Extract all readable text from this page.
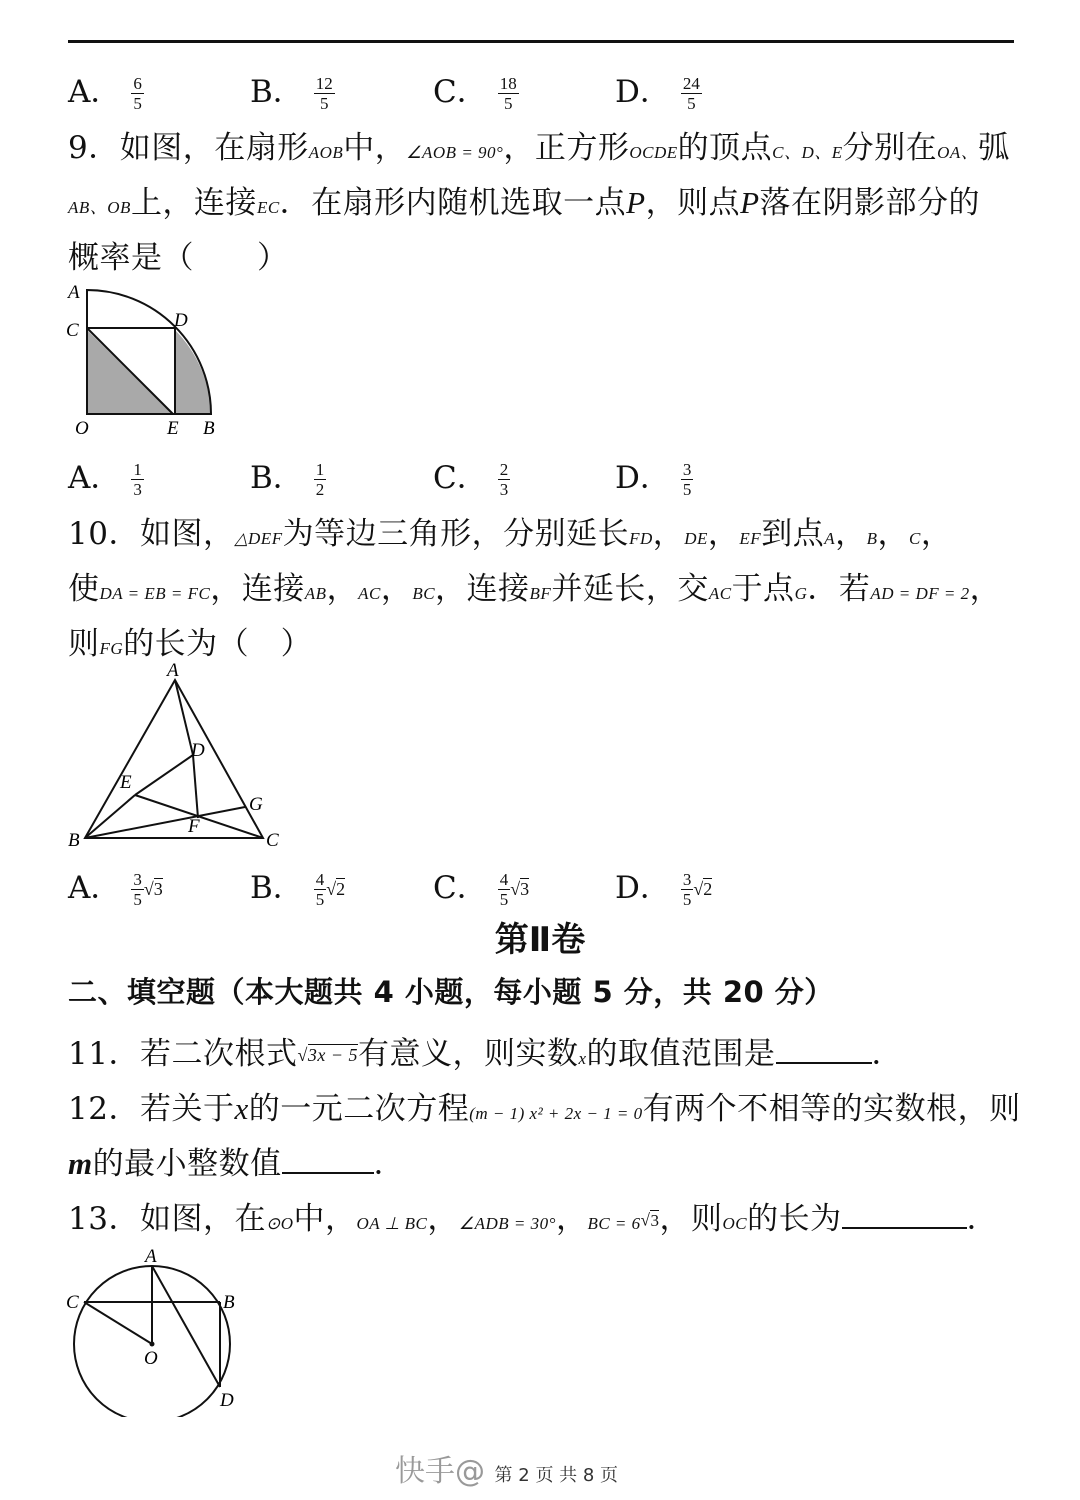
A． $\frac{6}{5}$	B． $\frac{12}{5}$	C． $\frac{18}{5}$	D． $\frac{24}{5}$
9．如图，在扇形AOB中，∠AOB = 90°，正方形OCDE的顶点C、D、E分别在OA、弧
AB、OB上，连接EC．在扇形内随机选取一点P，则点P落在阴影部分的
概率是（　　）
A
C	D
O	E B
A． $\frac{1}{3}$	B． $\frac{1}{2}$	C． $\frac{2}{3}$	D． $\frac{3}{5}$
10．如图，△DEF为等边三角形，分别延长FD，DE，EF到点A，B，C，
使DA = EB = FC，连接AB，AC，BC，连接BF并延长，交AC于点G．若AD = DF = 2，
则FG的长为（　）
A
D
E
G
F
B	C
A． $\frac{3}{5} √3$	B． $\frac{4}{5} √2$	C． $\frac{4}{5} √3$	D． $\frac{3}{5} √2$
第Ⅱ卷
二、填空题（本大题共 4 小题，每小题 5 分，共 20 分）
11．若二次根式√3x − 5有意义，则实数x的取值范围是	．
12．若关于x的一元二次方程(m − 1) x² + 2x − 1 = 0有两个不相等的实数根，则
m的最小整数值	．
13．如图，在⊙O中，OA ⊥ BC，∠ADB = 30°，BC = 6√3，则OC的长为	．
A
C	B
O
D
快手@ 第 2 页 共 8 页
